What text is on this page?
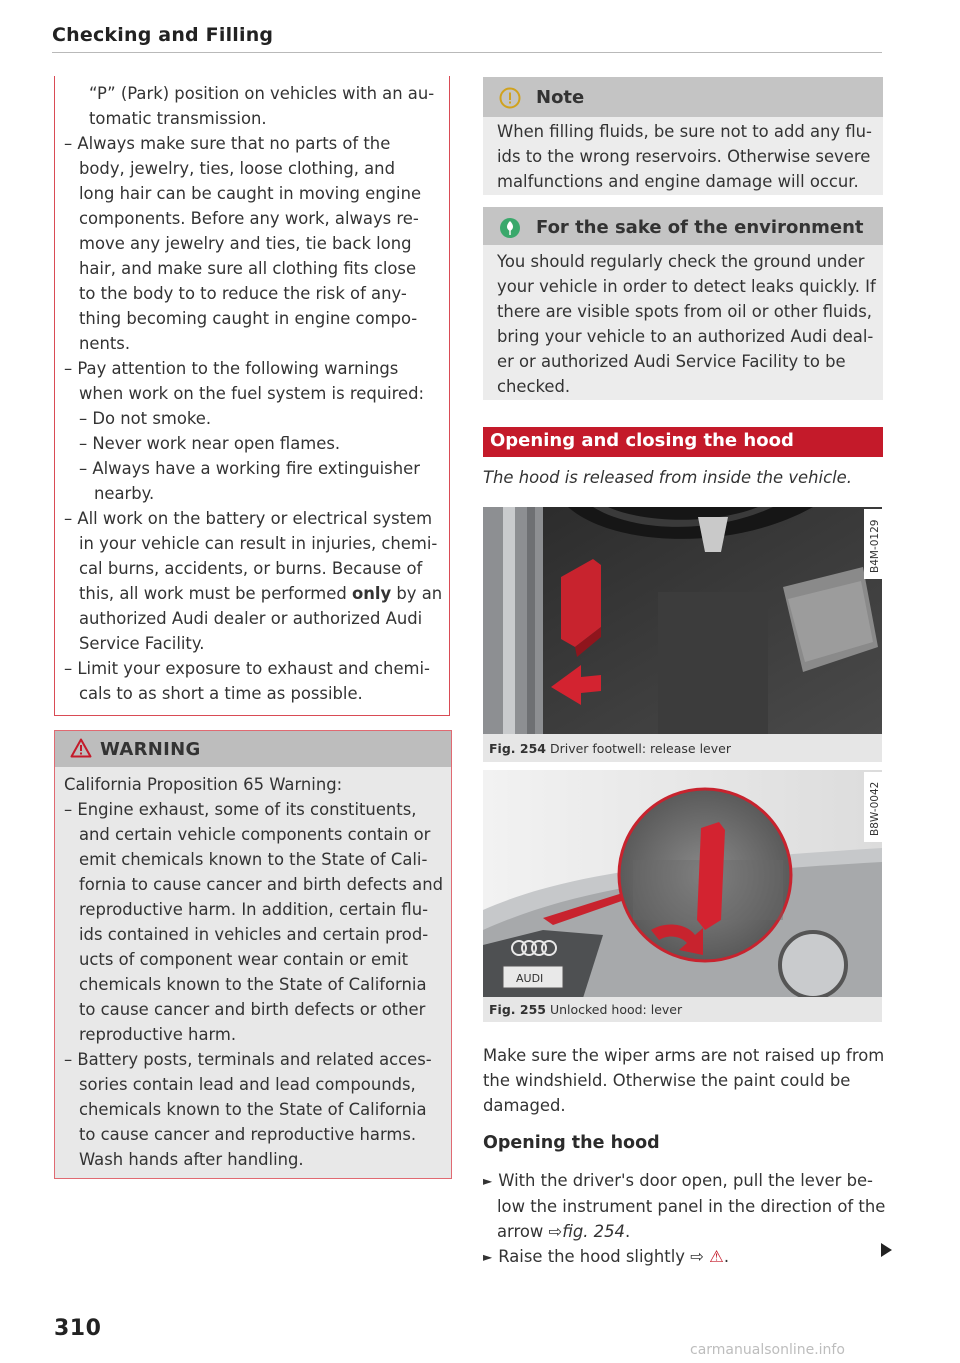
Checking and Filling
“P” (Park) position on vehicles with an au-
tomatic transmission.
– Always make sure that no parts of the
body, jewelry, ties, loose clothing, and
long hair can be caught in moving engine
components. Before any work, always re-
move any jewelry and ties, tie back long
hair, and make sure all clothing fits close
to the body to to reduce the risk of any-
thing becoming caught in engine compo-
nents.
– Pay attention to the following warnings
when work on the fuel system is required:
– Do not smoke.
– Never work near open flames.
– Always have a working fire extinguisher
nearby.
– All work on the battery or electrical system
in your vehicle can result in injuries, chemi-
cal burns, accidents, or burns. Because of
this, all work must be performed only by an
authorized Audi dealer or authorized Audi
Service Facility.
– Limit your exposure to exhaust and chemi-
cals to as short a time as possible.
WARNING
California Proposition 65 Warning:
– Engine exhaust, some of its constituents,
and certain vehicle components contain or
emit chemicals known to the State of Cali-
fornia to cause cancer and birth defects and
reproductive harm. In addition, certain flu-
ids contained in vehicles and certain prod-
ucts of component wear contain or emit
chemicals known to the State of California
to cause cancer and birth defects or other
reproductive harm.
– Battery posts, terminals and related acces-
sories contain lead and lead compounds,
chemicals known to the State of California
to cause cancer and reproductive harms.
Wash hands after handling.
Note
When filling fluids, be sure not to add any flu-
ids to the wrong reservoirs. Otherwise severe
malfunctions and engine damage will occur.
For the sake of the environment
You should regularly check the ground under
your vehicle in order to detect leaks quickly. If
there are visible spots from oil or other fluids,
bring your vehicle to an authorized Audi deal-
er or authorized Audi Service Facility to be
checked.
Opening and closing the hood
The hood is released from inside the vehicle.
B4M-0129
Fig. 254 Driver footwell: release lever
AUDI
B8W-0042
Fig. 255 Unlocked hood: lever
Make sure the wiper arms are not raised up from
the windshield. Otherwise the paint could be
damaged.
Opening the hood
► With the driver's door open, pull the lever be-
low the instrument panel in the direction of the
arrow ⇨fig. 254.
► Raise the hood slightly ⇨ ⚠.
310
carmanualsonline.info
